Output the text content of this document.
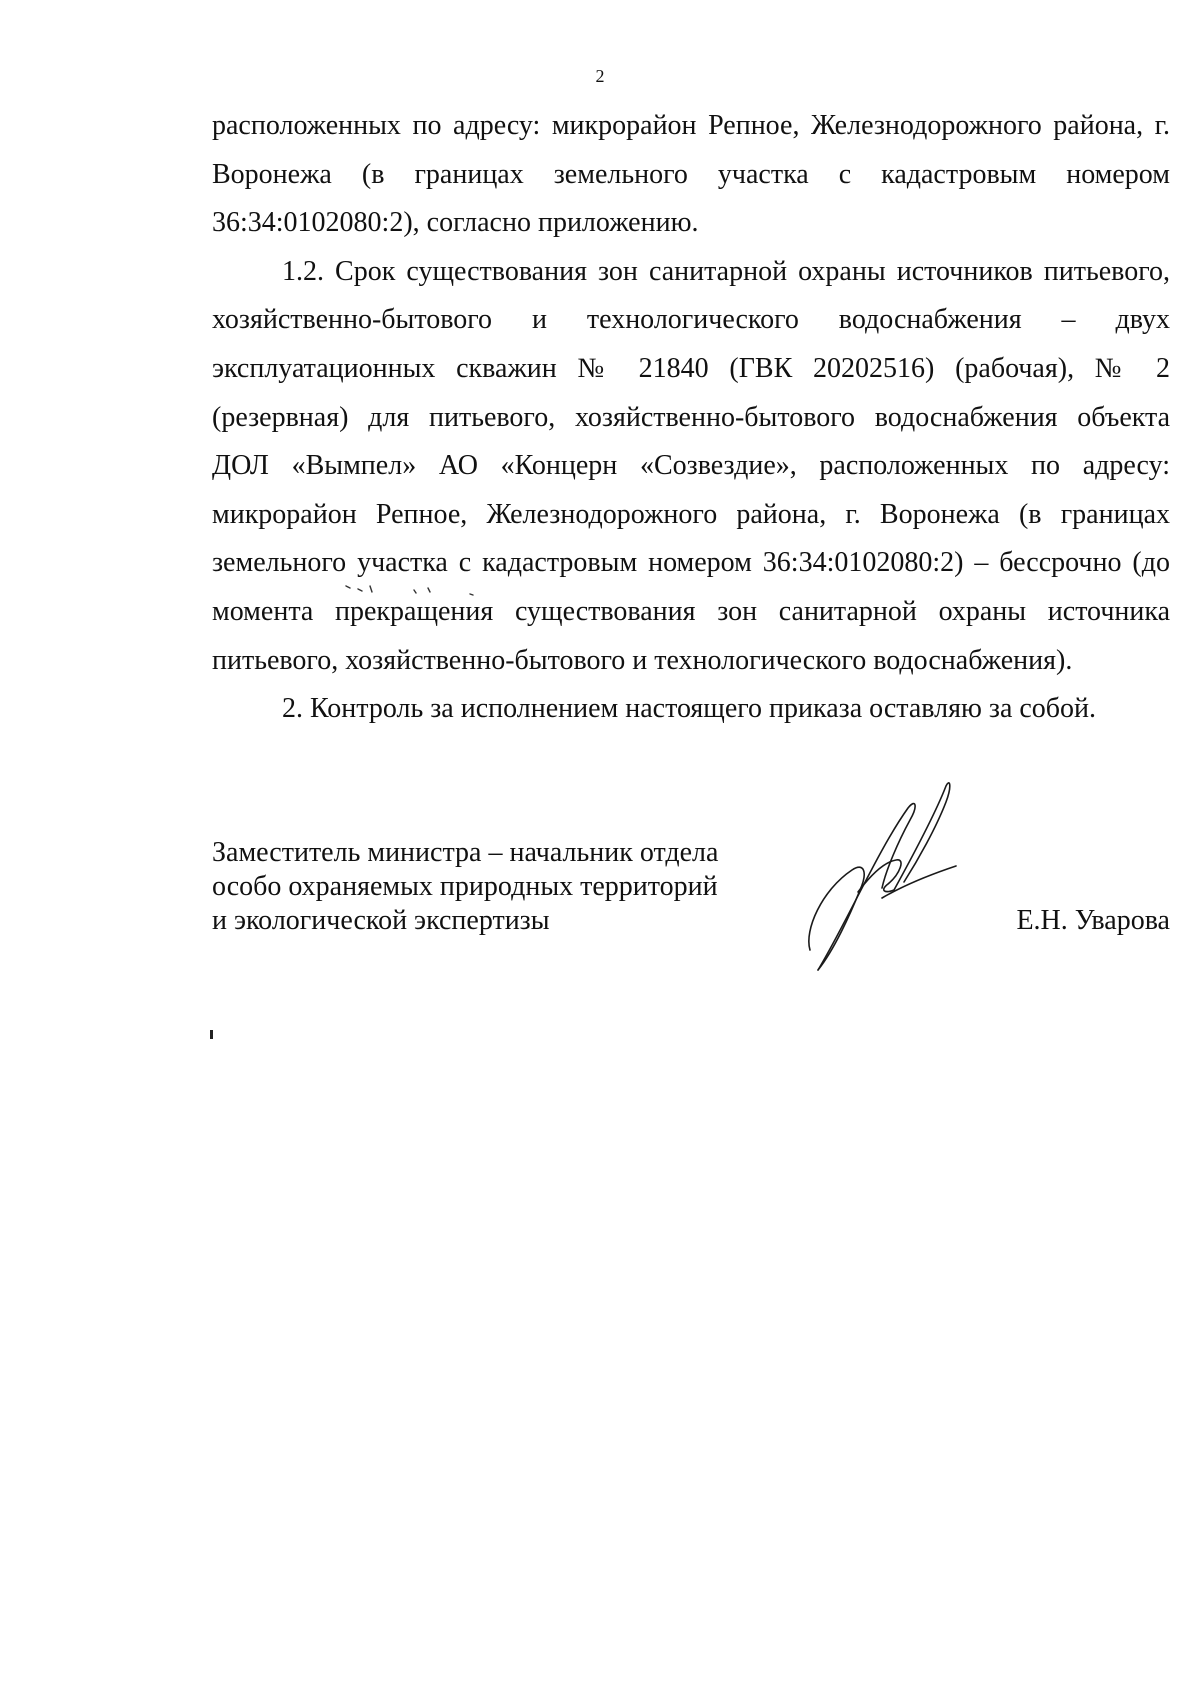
2

расположенных по адресу: микрорайон Репное, Железнодорожного района, г. Воронежа (в границах земельного участка с кадастровым номером 36:34:0102080:2), согласно приложению.

1.2. Срок существования зон санитарной охраны источников питьевого, хозяйственно-бытового и технологического водоснабжения – двух эксплуатационных скважин № 21840 (ГВК 20202516) (рабочая), № 2 (резервная) для питьевого, хозяйственно-бытового водоснабжения объекта ДОЛ «Вымпел» АО «Концерн «Созвездие», расположенных по адресу: микрорайон Репное, Железнодорожного района, г. Воронежа (в границах земельного участка с кадастровым номером 36:34:0102080:2) – бессрочно (до момента прекращения существования зон санитарной охраны источника питьевого, хозяйственно-бытового и технологического водоснабжения).

2. Контроль за исполнением настоящего приказа оставляю за собой.

Заместитель министра – начальник отдела
особо охраняемых природных территорий
и экологической экспертизы	Е.Н. Уварова
